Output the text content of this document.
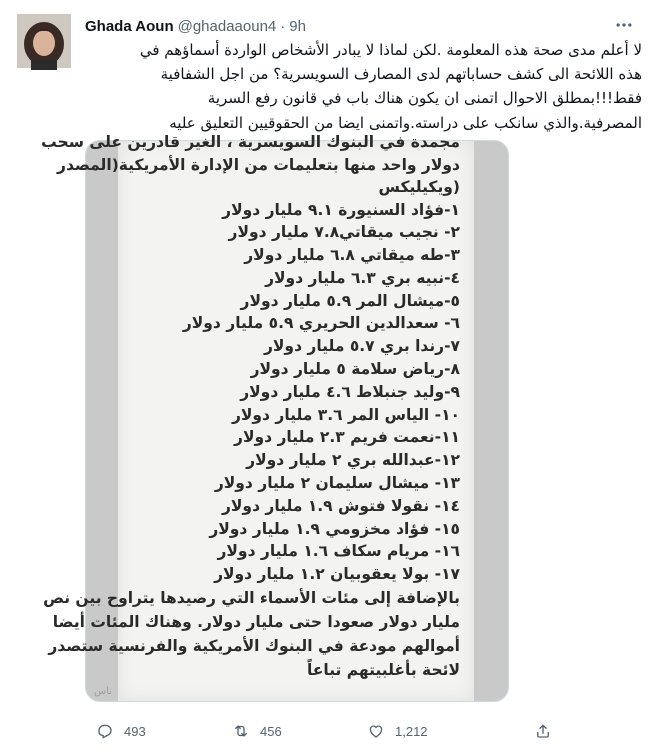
Ghada Aoun @ghadaaoun4 · 9h

لا أعلم مدى صحة هذه المعلومة .لكن لماذا لا يبادر الأشخاص الواردة أسماؤهم في

هذه اللائحة الى كشف حساباتهم لدى المصارف السويسرية؟ من اجل الشفافية

فقط!!!بمطلق الاحوال اتمنى ان يكون هناك باب في قانون رفع السرية

المصرفية.والذي سانكب على دراسته.واتمنى ايضا من الحقوقيين التعليق عليه

مجمدة في البنوك السويسرية ، الغير قادرين على سحب

دولار واحد منها بتعليمات من الإدارة الأمريكية(المصدر

(ويكيليكس

١-فؤاد السنيورة ٩.١ مليار دولار

٢- نجيب ميقاتي٧.٨ مليار دولار

٣-طه ميقاتي ٦.٨ مليار دولار

٤-نبيه بري ٦.٣ مليار دولار

٥-ميشال المر ٥.٩ مليار دولار

٦- سعدالدين الحريري ٥.٩ مليار دولار

٧-رندا بري ٥.٧ مليار دولار

٨-رياض سلامة ٥ مليار دولار

٩-وليد جنبلاط ٤.٦ مليار دولار

١٠- الياس المر ٣.٦ مليار دولار

١١-نعمت فريم ٢.٣ مليار دولار

١٢-عبدالله بري ٢ مليار دولار

١٣- ميشال سليمان ٢ مليار دولار

١٤- نقولا فتوش ١.٩ مليار دولار

١٥- فؤاد مخزومي ١.٩ مليار دولار

١٦- مريام سكاف ١.٦ مليار دولار

١٧- بولا يعقوبيان ١.٢ مليار دولار

بالإضافة إلى مئات الأسماء التي رصيدها يتراوح بين نص

مليار دولار صعودا حتى مليار دولار. وهناك المئات أيضا

أموالهم مودعة في البنوك الأمريكية والفرنسية ستصدر

لائحة بأغلبيتهم تباعاً

ناس
493	456	1,212
